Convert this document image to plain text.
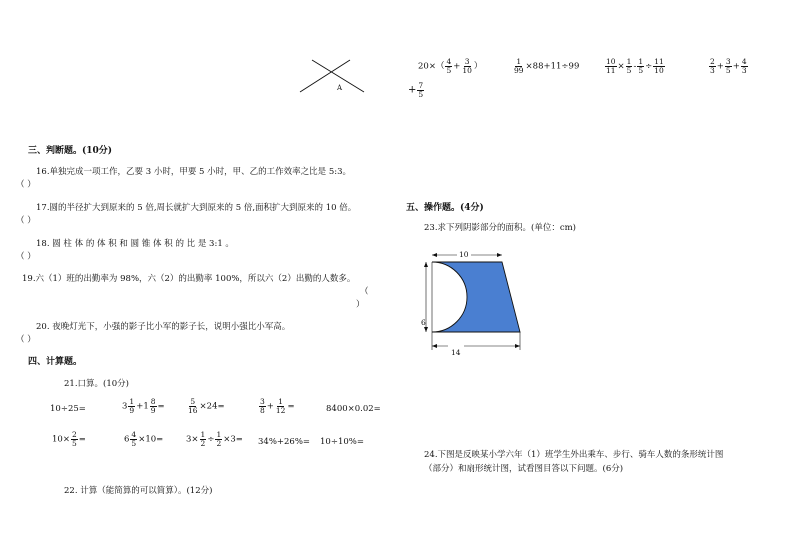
A
$20\times( \frac{4}{5} + \frac{3}{10}$ ）	$\frac{1}{99} \times 88+11\div 99$	$\frac{10}{11} \times \frac{1}{5} - \frac{1}{5} \div \frac{11}{10}$	$\frac{2}{3} + \frac{3}{5} + \frac{4}{3}$
+ $\frac{7}{5}$
三、判断题。(10分)
16.单独完成一项工作，乙要 3 小时，甲要 5 小时，甲、乙的工作效率之比是 5:3。
（ ）
17.圆的半径扩大到原来的 5 倍,周长就扩大到原来的 5 倍,面积扩大到原来的 10 倍。
（ ）
18. 圆 柱 体 的 体 积 和 圆 锥 体 积 的 比 是 3:1 。
（ ）
19.六（1）班的出勤率为 98%，六（2）的出勤率 100%，所以六（2）出勤的人数多。
（
）
20. 夜晚灯光下，小强的影子比小军的影子长，说明小强比小军高。
（ ）
四、计算题。
21.口算。(10分)
10÷25=	$3 \frac{1}{9} +1 \frac{8}{9}$ =	$\frac{5}{16} \times 24=$	$\frac{3}{8} + \frac{1}{12}$ =	8400×0.02=
$10\times \frac{2}{5}$ =	$6 \frac{4}{5} \times 10=$	$3\times \frac{1}{2} \div \frac{1}{2} \times 3= 34\%+26\%= 10\div 10\%=$
22. 计算（能简算的可以简算）。(12分)
五、操作题。(4分)
23.求下列阴影部分的面积。(单位：cm)
10
6
14
24.下图是反映某小学六年（1）班学生外出乘车、步行、骑车人数的条形统计图
（部分）和扇形统计图，试看图目答以下问题。(6分)
